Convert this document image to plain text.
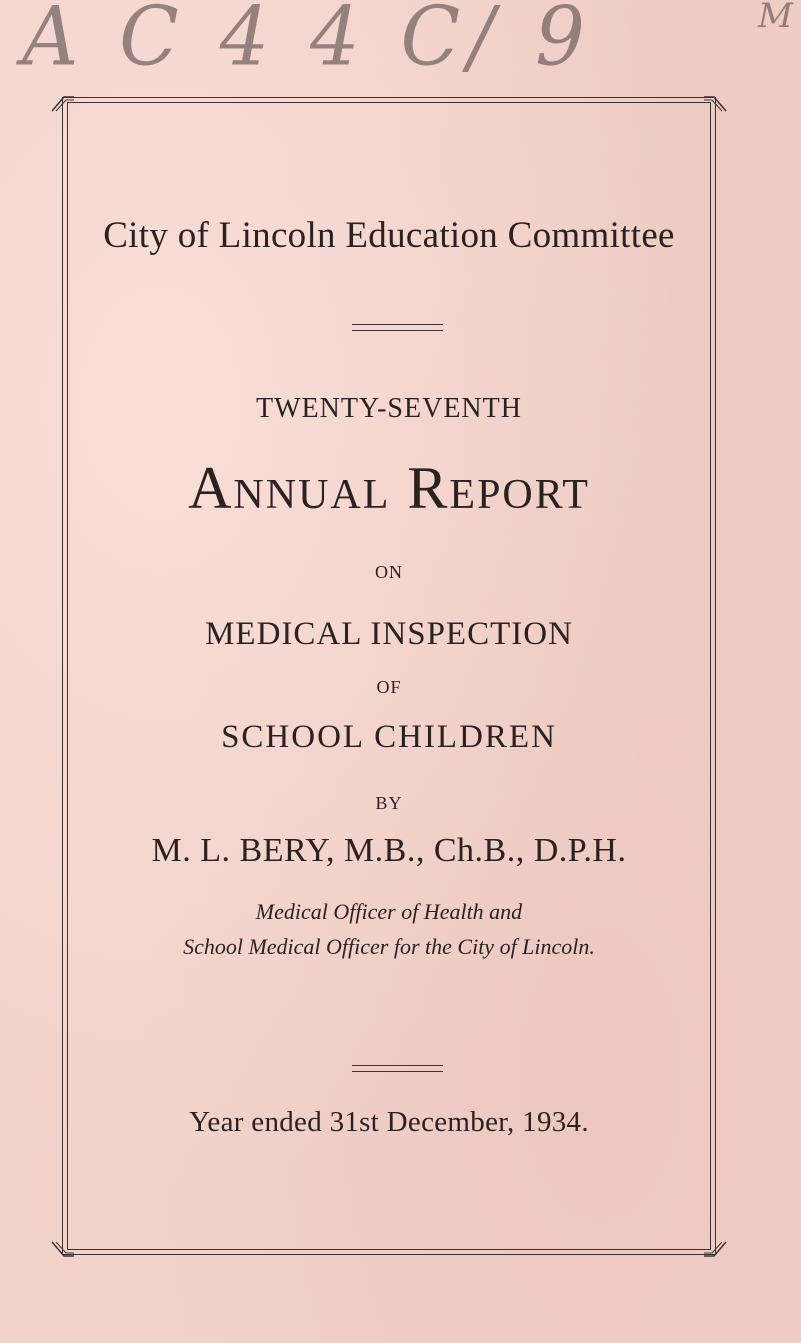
A C 4 4 C/ 9	M
City of Lincoln Education Committee
TWENTY-SEVENTH
Annual Report
ON
MEDICAL INSPECTION
OF
SCHOOL CHILDREN
BY
M. L. BERY, M.B., Ch.B., D.P.H.
Medical Officer of Health and
School Medical Officer for the City of Lincoln.
Year ended 31st December, 1934.
